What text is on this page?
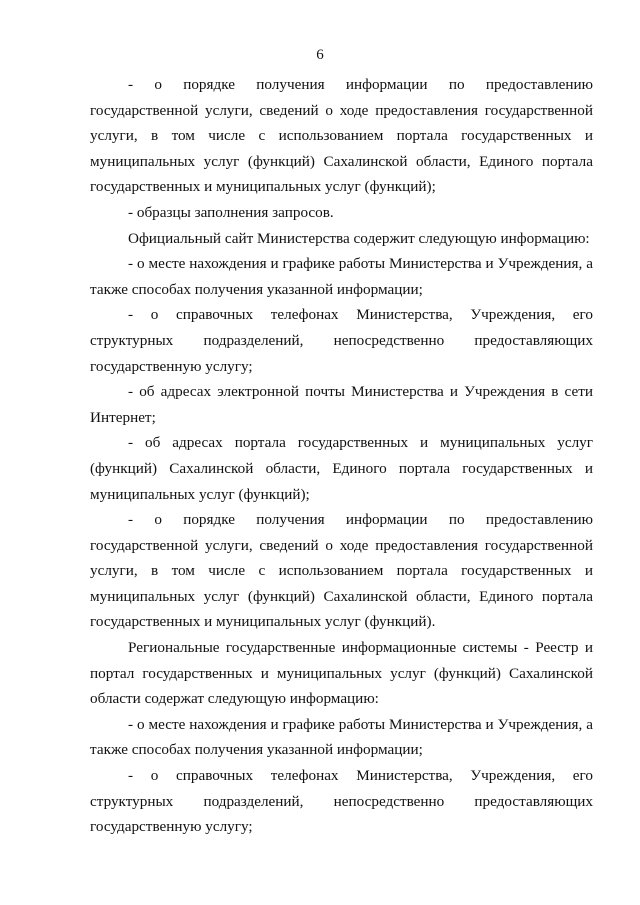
6

- о порядке получения информации по предоставлению государственной услуги, сведений о ходе предоставления государственной услуги, в том числе с использованием портала государственных и муниципальных услуг (функций) Сахалинской области, Единого портала государственных и муниципальных услуг (функций);

- образцы заполнения запросов.

Официальный сайт Министерства содержит следующую информацию:

- о месте нахождения и графике работы Министерства и Учреждения, а также способах получения указанной информации;

- о справочных телефонах Министерства, Учреждения, его структурных подразделений, непосредственно предоставляющих государственную услугу;

- об адресах электронной почты Министерства и Учреждения в сети Интернет;

- об адресах портала государственных и муниципальных услуг (функций) Сахалинской области, Единого портала государственных и муниципальных услуг (функций);

- о порядке получения информации по предоставлению государственной услуги, сведений о ходе предоставления государственной услуги, в том числе с использованием портала государственных и муниципальных услуг (функций) Сахалинской области, Единого портала государственных и муниципальных услуг (функций).

Региональные государственные информационные системы - Реестр и портал государственных и муниципальных услуг (функций) Сахалинской области содержат следующую информацию:

- о месте нахождения и графике работы Министерства и Учреждения, а также способах получения указанной информации;

- о справочных телефонах Министерства, Учреждения, его структурных подразделений, непосредственно предоставляющих государственную услугу;
